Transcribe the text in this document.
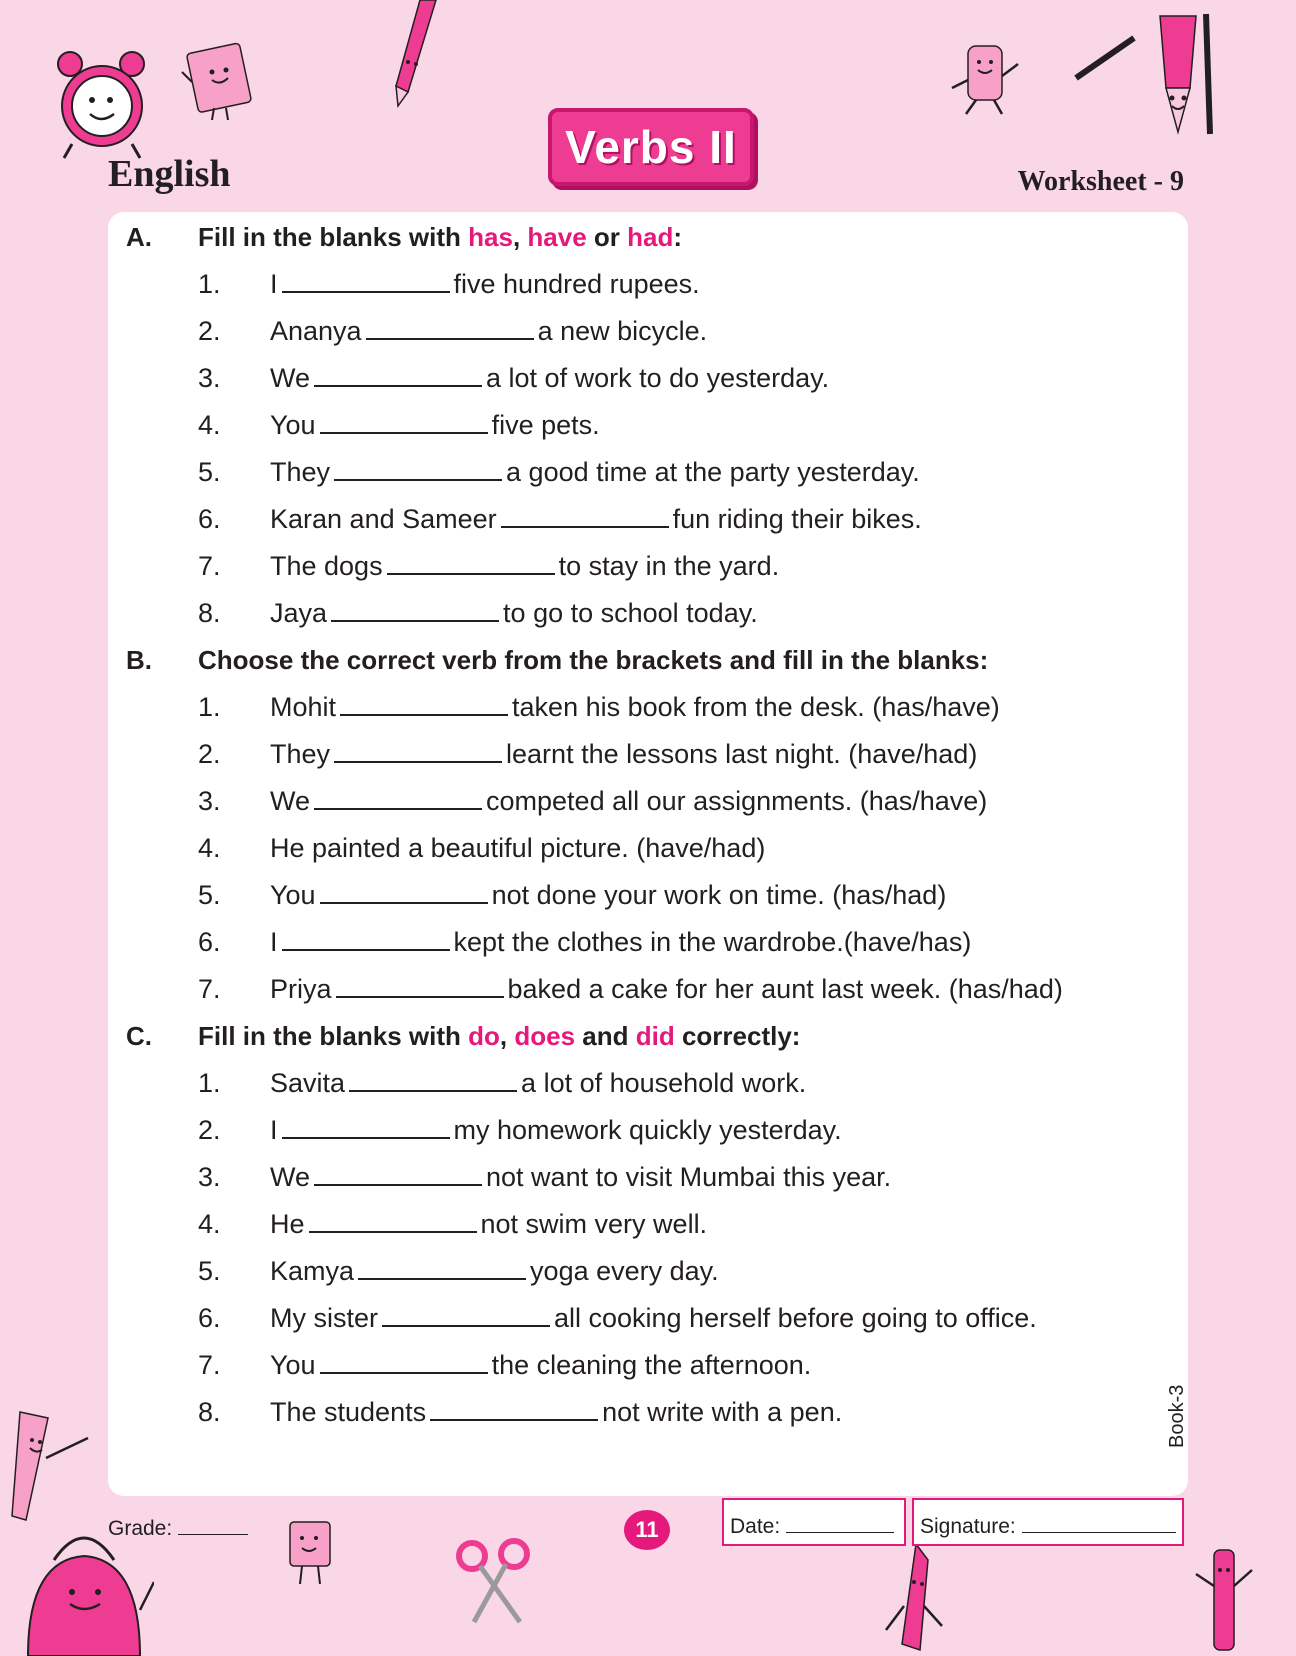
English
Verbs II
Worksheet - 9
A. Fill in the blanks with has, have or had:
1. I	five hundred rupees.
2. Ananya	a new bicycle.
3. We	a lot of work to do yesterday.
4. You	five pets.
5. They	a good time at the party yesterday.
6. Karan and Sameer	fun riding their bikes.
7. The dogs	to stay in the yard.
8. Jaya	to go to school today.
B. Choose the correct verb from the brackets and fill in the blanks:
1. Mohit	taken his book from the desk. (has/have)
2. They	learnt the lessons last night. (have/had)
3. We	competed all our assignments. (has/have)
4. He painted a beautiful picture. (have/had)
5. You	not done your work on time. (has/had)
6. I	kept the clothes in the wardrobe.(have/has)
7. Priya	baked a cake for her aunt last week. (has/had)
C. Fill in the blanks with do, does and did correctly:
1. Savita	a lot of household work.
2. I	my homework quickly yesterday.
3. We	not want to visit Mumbai this year.
4. He	not swim very well.
5. Kamya	yoga every day.
6. My sister	all cooking herself before going to office.
7. You	the cleaning the afternoon.
8. The students	not write with a pen.
Grade:	11	Date:	Signature:
Book-3
